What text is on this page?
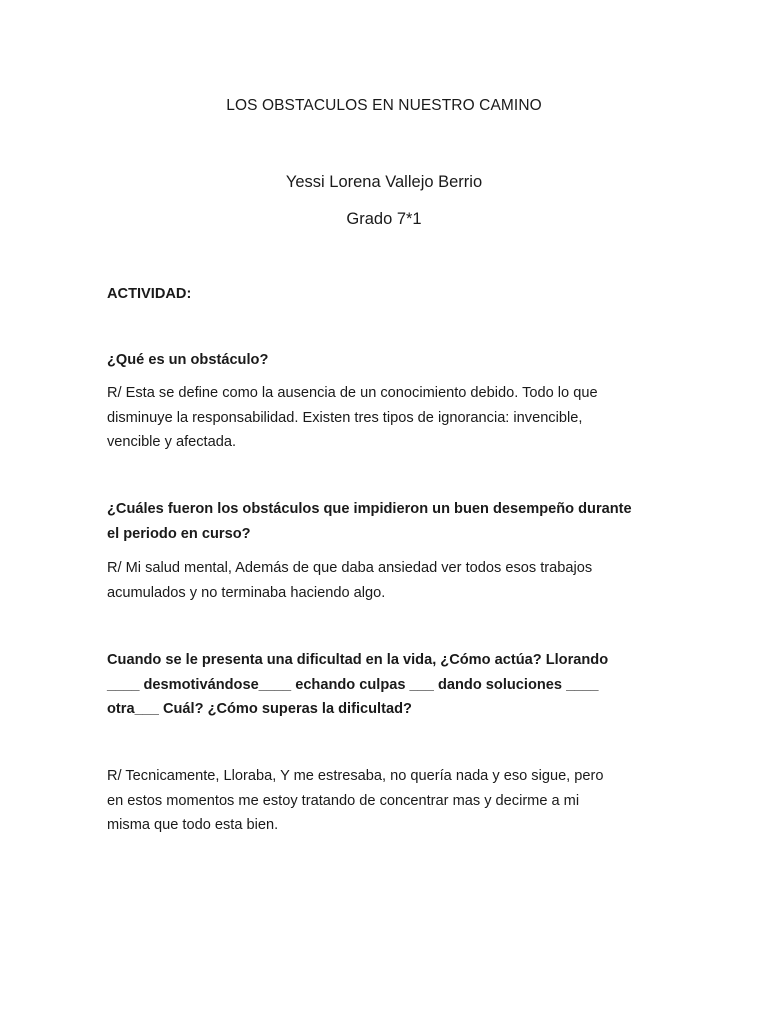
LOS OBSTACULOS EN NUESTRO CAMINO
Yessi Lorena Vallejo Berrio
Grado 7*1
ACTIVIDAD:
¿Qué es un obstáculo?
R/ Esta se define como la ausencia de un conocimiento debido. Todo lo que
disminuye la responsabilidad. Existen tres tipos de ignorancia: invencible,
vencible y afectada.
¿Cuáles fueron los obstáculos que impidieron un buen desempeño durante
el periodo en curso?
R/ Mi salud mental, Además de que daba ansiedad ver todos esos trabajos
acumulados y no terminaba haciendo algo.
Cuando se le presenta una dificultad en la vida, ¿Cómo actúa? Llorando
____ desmotivándose____ echando culpas ___ dando soluciones ____
otra___ Cuál? ¿Cómo superas la dificultad?
R/ Tecnicamente, Lloraba, Y me estresaba, no quería nada y eso sigue, pero
en estos momentos me estoy tratando de concentrar mas y decirme a mi
misma que todo esta bien.
